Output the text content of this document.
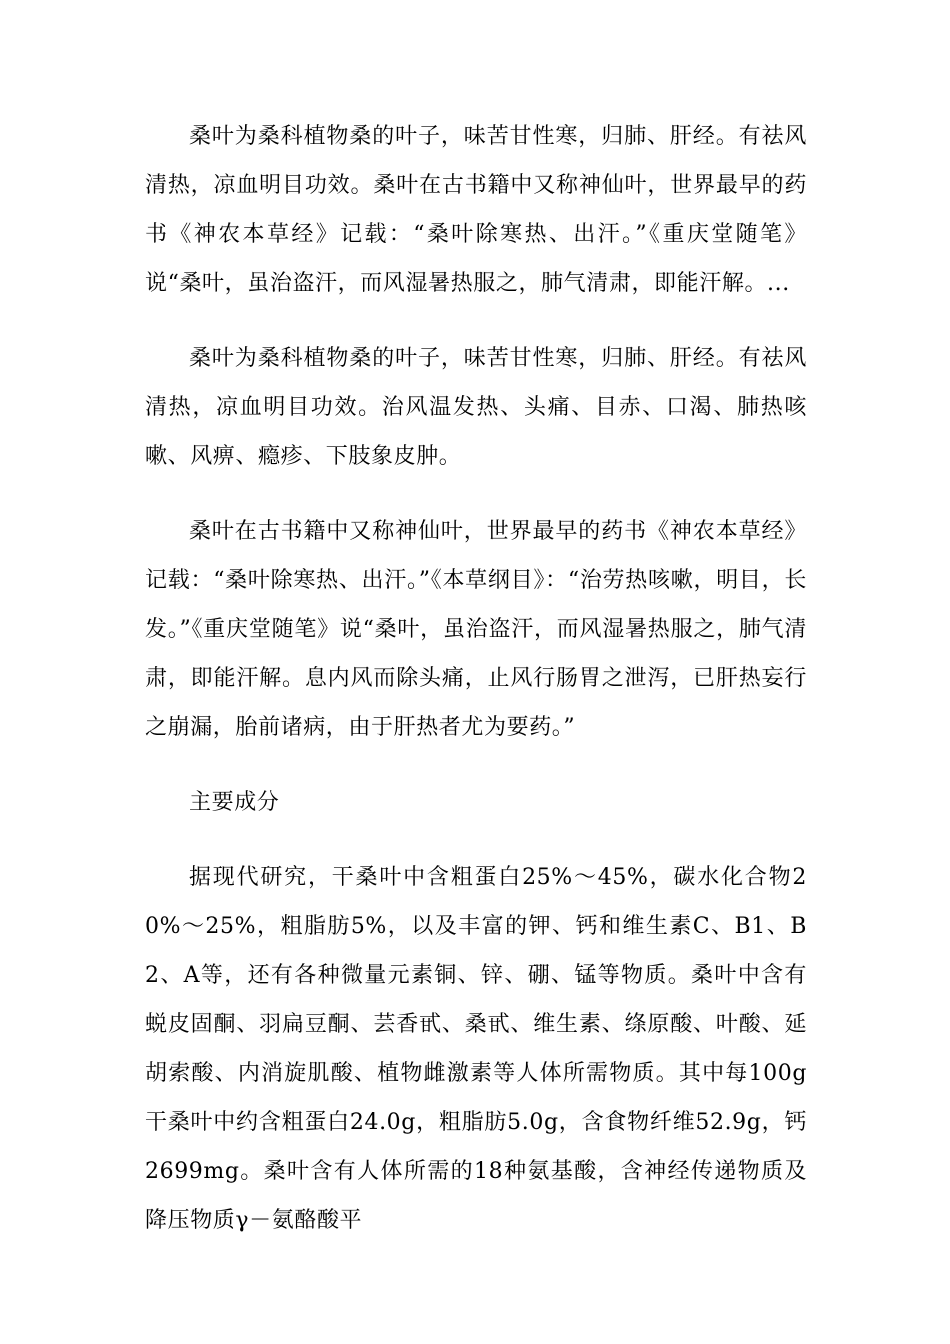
桑叶为桑科植物桑的叶子，味苦甘性寒，归肺、肝经。有祛风清热，凉血明目功效。桑叶在古书籍中又称神仙叶，世界最早的药书《神农本草经》记载：“桑叶除寒热、出汗。”《重庆堂随笔》说“桑叶，虽治盗汗，而风湿暑热服之，肺气清肃，即能汗解。...

桑叶为桑科植物桑的叶子，味苦甘性寒，归肺、肝经。有祛风清热，凉血明目功效。治风温发热、头痛、目赤、口渴、肺热咳嗽、风痹、瘾疹、下肢象皮肿。

桑叶在古书籍中又称神仙叶，世界最早的药书《神农本草经》记载：“桑叶除寒热、出汗。”《本草纲目》：“治劳热咳嗽，明目，长发。”《重庆堂随笔》说“桑叶，虽治盗汗，而风湿暑热服之，肺气清肃，即能汗解。息内风而除头痛，止风行肠胃之泄泻，已肝热妄行之崩漏，胎前诸病，由于肝热者尤为要药。”

主要成分

据现代研究，干桑叶中含粗蛋白25%～45%，碳水化合物20%～25%，粗脂肪5%，以及丰富的钾、钙和维生素C、B1、B2、A等，还有各种微量元素铜、锌、硼、锰等物质。桑叶中含有蜕皮固酮、羽扁豆酮、芸香甙、桑甙、维生素、绦原酸、叶酸、延胡索酸、内消旋肌酸、植物雌激素等人体所需物质。其中每100g干桑叶中约含粗蛋白24.0g，粗脂肪5.0g，含食物纤维52.9g，钙2699mg。桑叶含有人体所需的18种氨基酸，含神经传递物质及降压物质γ－氨酪酸平
